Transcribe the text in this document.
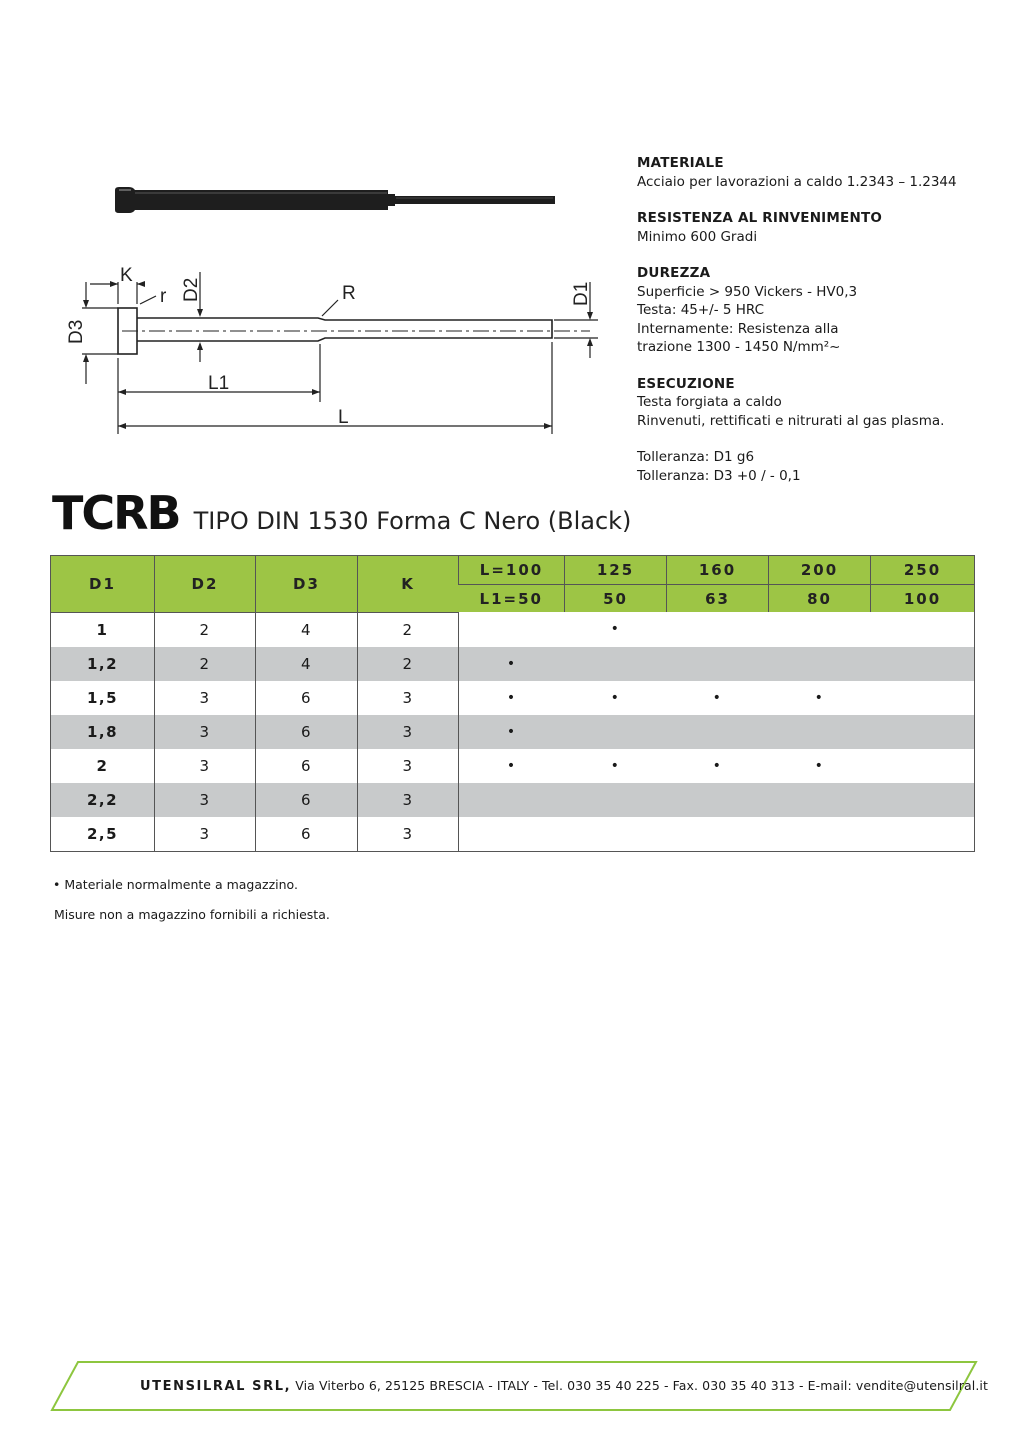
K
r D2	R	D1
D3
L1
L
MATERIALE
Acciaio per lavorazioni a caldo 1.2343 – 1.2344
RESISTENZA AL RINVENIMENTO
Minimo 600 Gradi
DUREZZA
Superficie > 950 Vickers - HV0,3
Testa: 45+/- 5 HRC
Internamente: Resistenza alla
trazione 1300 - 1450 N/mm²~
ESECUZIONE
Testa forgiata a caldo
Rinvenuti, rettificati e nitrurati al gas plasma.
Tolleranza: D1 g6
Tolleranza: D3 +0 / - 0,1
TCRB TIPO DIN 1530 Forma C Nero (Black)
D1	D2	D3	K	L=100	125	160	200	250
				L1=50	50	63	80	100
1	2	4	2		•			
1,2	2	4	2	•				
1,5	3	6	3	•	•	•	•	
1,8	3	6	3	•				
2	3	6	3	•	•	•	•	
2,2	3	6	3					
2,5	3	6	3					
• Materiale normalmente a magazzino.
Misure non a magazzino fornibili a richiesta.
UTENSILRAL SRL, Via Viterbo 6, 25125 BRESCIA - ITALY - Tel. 030 35 40 225 - Fax. 030 35 40 313 - E-mail: vendite@utensilral.it
